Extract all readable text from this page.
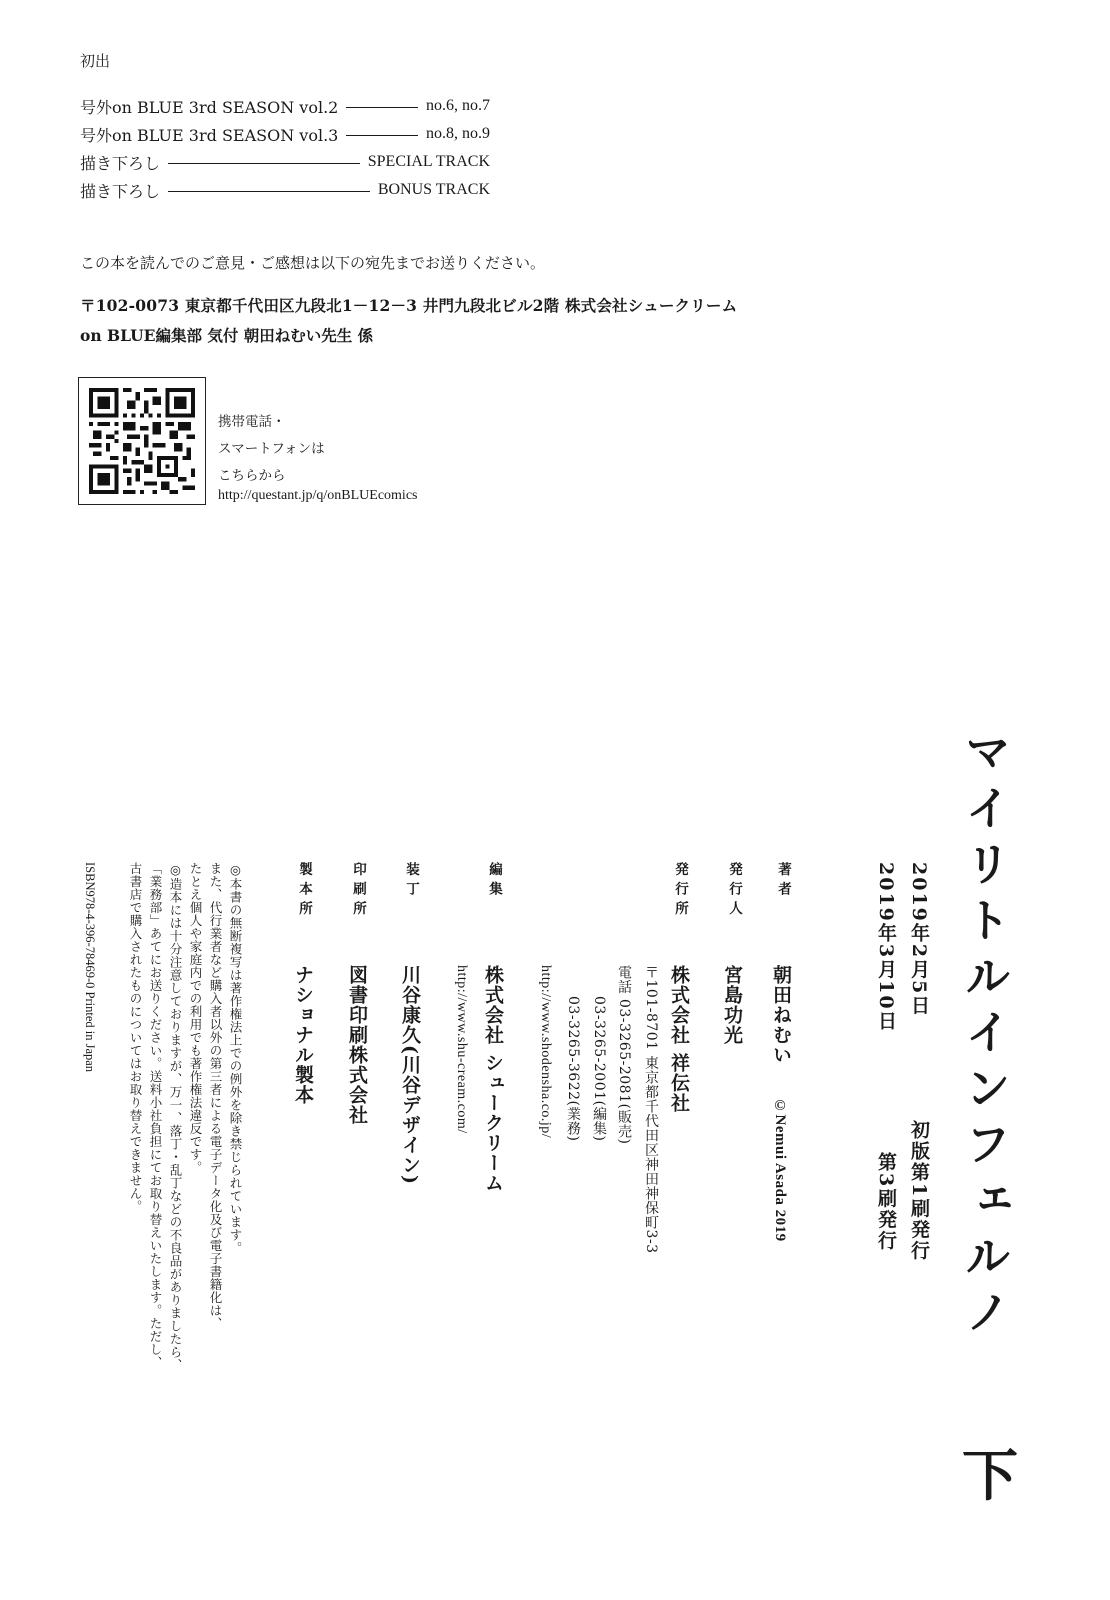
初出
号外on BLUE 3rd SEASON vol.2	no.6, no.7
号外on BLUE 3rd SEASON vol.3	no.8, no.9
描き下ろし	SPECIAL TRACK
描き下ろし	BONUS TRACK
この本を読んでのご意見・ご感想は以下の宛先までお送りください。
〒102-0073 東京都千代田区九段北1－12－3 井門九段北ビル2階 株式会社シュークリーム
on BLUE編集部 気付 朝田ねむい先生 係
携帯電話・
スマートフォンは
こちらから
http://questant.jp/q/onBLUEcomics
マイリトルインフェルノ
下
2019年2月5日
初版第1刷発行
2019年3月10日
第3刷発行
著者
朝田ねむい
©Nemui Asada 2019
発行人
宮島功光
発行所
株式会社 祥伝社
〒101-8701 東京都千代田区神田神保町3-3
電話 03-3265-2081(販売)
03-3265-2001(編集)
03-3265-3622(業務)
http://www.shodensha.co.jp/
編集
株式会社 シュークリーム
http://www.shu-cream.com/
装丁
川谷康久(川谷デザイン)
印刷所
図書印刷株式会社
製本所
ナショナル製本
◎本書の無断複写は著作権法上での例外を除き禁じられています。
また、代行業者など購入者以外の第三者による電子データ化及び電子書籍化は、
たとえ個人や家庭内での利用でも著作権法違反です。
◎造本には十分注意しておりますが、万一、落丁・乱丁などの不良品がありましたら、
「業務部」あてにお送りください。送料小社負担にてお取り替えいたします。ただし、
古書店で購入されたものについてはお取り替えできません。
ISBN978-4-396-78469-0 Printed in Japan
